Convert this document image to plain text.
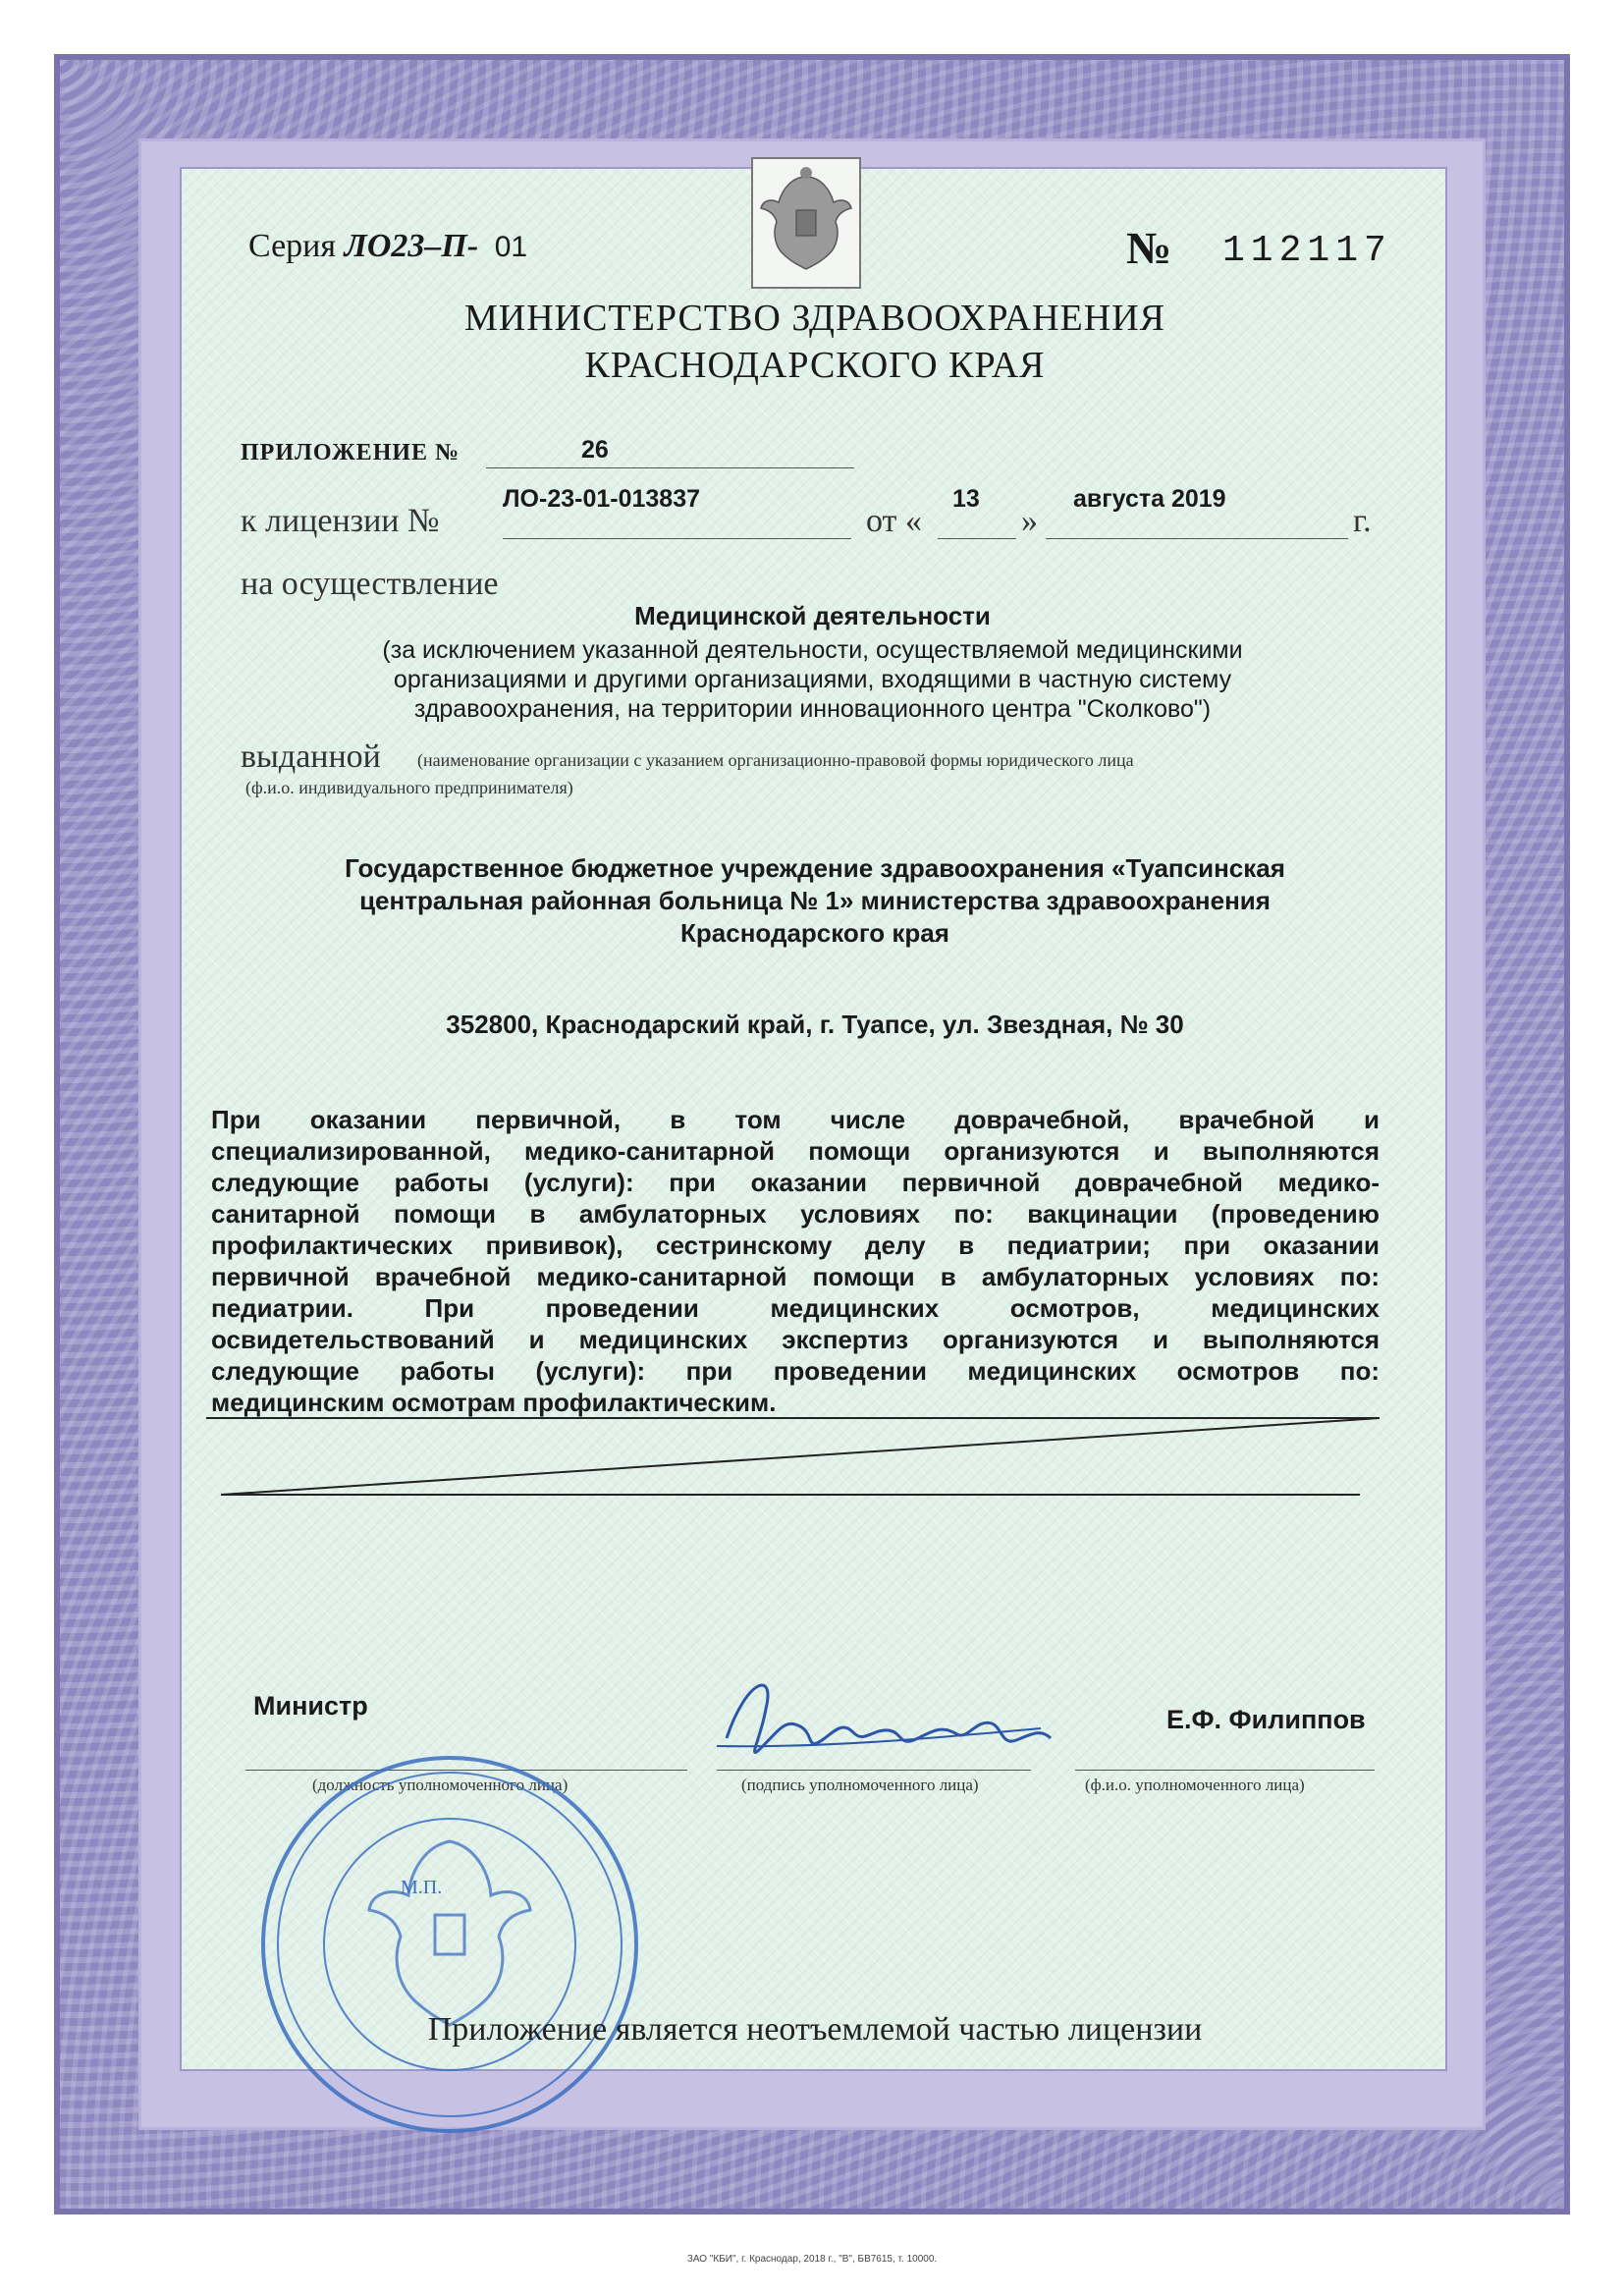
Серия ЛО23–П- 01	№ 112117
МИНИСТЕРСТВО ЗДРАВООХРАНЕНИЯ
КРАСНОДАРСКОГО КРАЯ
ПРИЛОЖЕНИЕ №	26
к лицензии №
ЛО-23-01-013837
от «
13
»
августа 2019
г.
на осуществление
Медицинской деятельности
(за исключением указанной деятельности, осуществляемой медицинскими
организациями и другими организациями, входящими в частную систему
здравоохранения, на территории инновационного центра "Сколково")
выданной (наименование организации с указанием организационно-правовой формы юридического лица
(ф.и.о. индивидуального предпринимателя)
Государственное бюджетное учреждение здравоохранения «Туапсинская
центральная районная больница № 1» министерства здравоохранения
Краснодарского края
352800, Краснодарский край, г. Туапсе, ул. Звездная, № 30
При оказании первичной, в том числе доврачебной, врачебной и
специализированной, медико-санитарной помощи организуются и выполняются
следующие работы (услуги): при оказании первичной доврачебной медико-
санитарной помощи в амбулаторных условиях по: вакцинации (проведению
профилактических прививок), сестринскому делу в педиатрии; при оказании
первичной врачебной медико-санитарной помощи в амбулаторных условиях по:
педиатрии. При проведении медицинских осмотров, медицинских
освидетельствований и медицинских экспертиз организуются и выполняются
следующие работы (услуги): при проведении медицинских осмотров по:
медицинским осмотрам профилактическим.
Министр
(должность уполномоченного лица)	(подпись уполномоченного лица)
Е.Ф. Филиппов
(ф.и.о. уполномоченного лица)
М.П.
Приложение является неотъемлемой частью лицензии
ЗАО "КБИ", г. Краснодар, 2018 г., "В", БВ7615, т. 10000.
